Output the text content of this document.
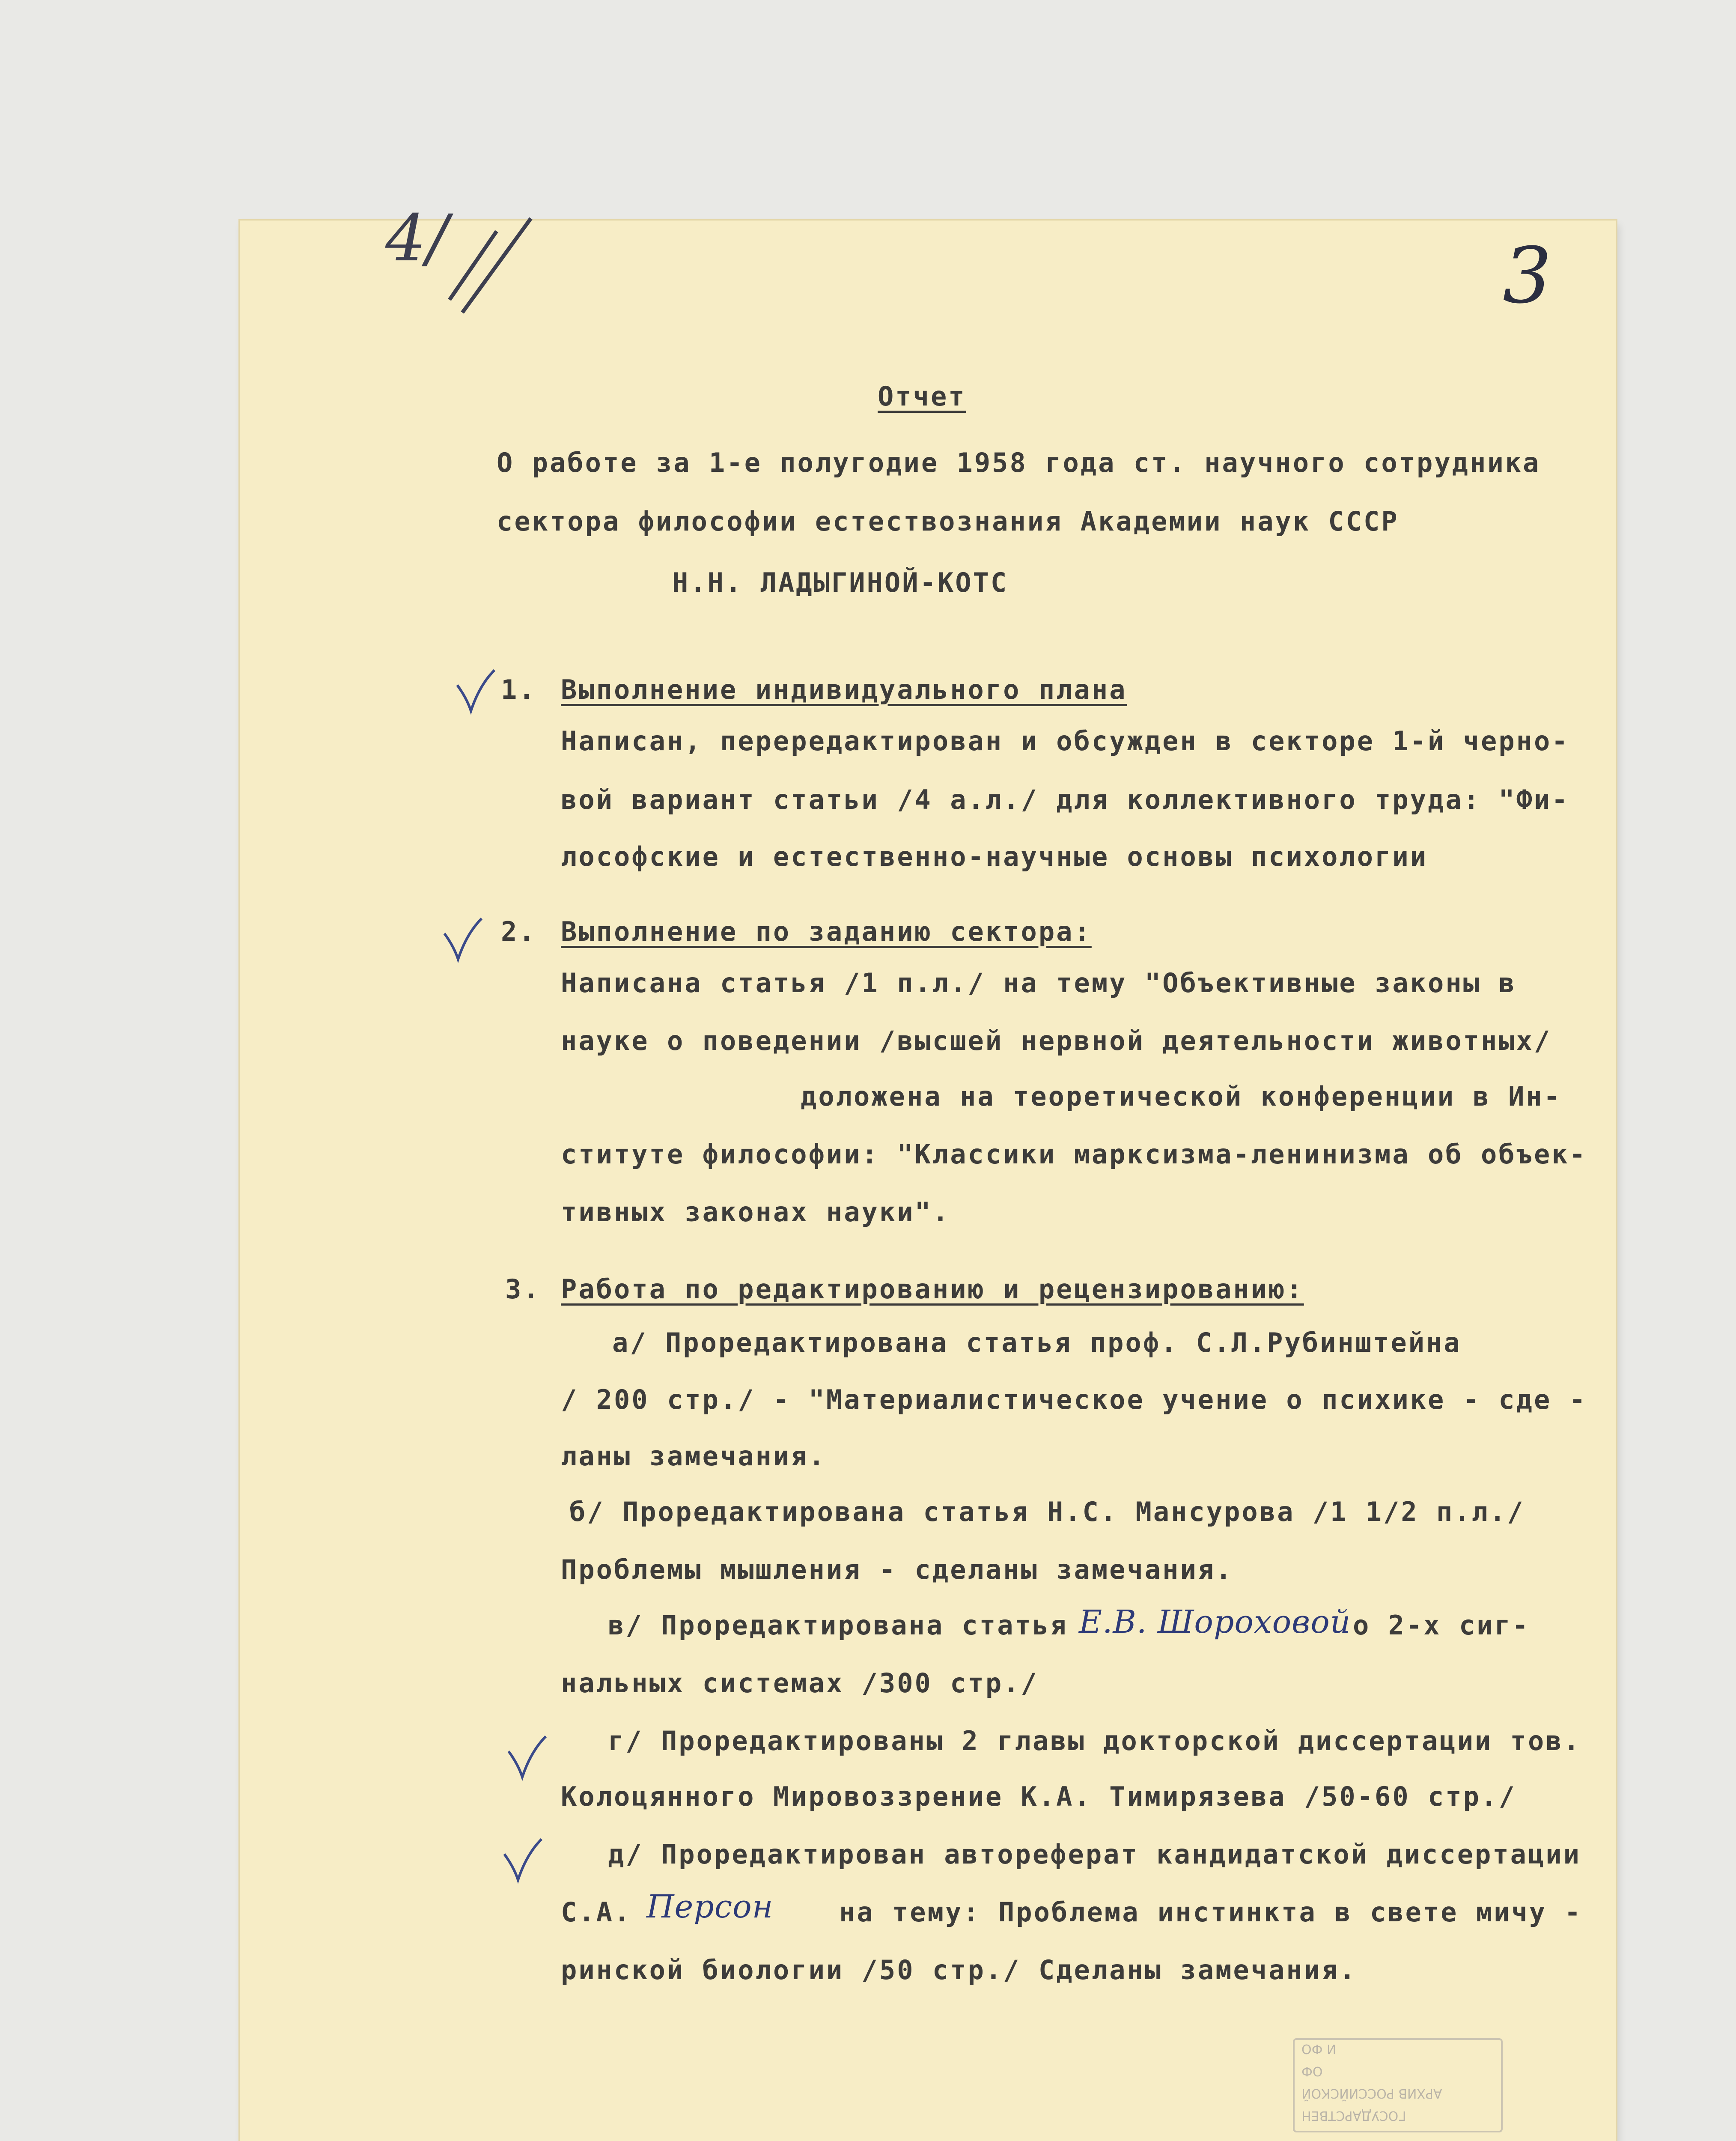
4/	3
Отчет
О работе за 1-е полугодие 1958 года ст. научного сотрудника
сектора философии естествознания Академии наук СССР
Н.Н. ЛАДЫГИНОЙ-КОТС
1. Выполнение индивидуального плана
Написан, перередактирован и обсужден в секторе 1-й черно-
вой вариант статьи /4 а.л./ для коллективного труда: "Фи-
лософские и естественно-научные основы психологии
2. Выполнение по заданию сектора:
Написана статья /1 п.л./ на тему "Объективные законы в
науке о поведении /высшей нервной деятельности животных/
доложена на теоретической конференции в Ин-
ституте философии: "Классики марксизма-ленинизма об объек-
тивных законах науки".
3. Работа по редактированию и рецензированию:
а/ Проредактирована статья проф. С.Л.Рубинштейна
/ 200 стр./ - "Материалистическое учение о психике - сде -
ланы замечания.
б/ Проредактирована статья Н.С. Мансурова /1 1/2 п.л./
Проблемы мышления - сделаны замечания.
в/ Проредактирована статья Е.В. Шороховой о 2-х сиг-
нальных системах /300 стр./
г/ Проредактированы 2 главы докторской диссертации тов.
Колоцянного Мировоззрение К.А. Тимирязева /50-60 стр./
д/ Проредактирован автореферат кандидатской диссертации
С.А. Персон на тему: Проблема инстинкта в свете мичу -
ринской биологии /50 стр./ Сделаны замечания.
ГОСУДАРСТВЕН
АРХИВ РОССИЙСКОЙ
ОФ
И ФО
